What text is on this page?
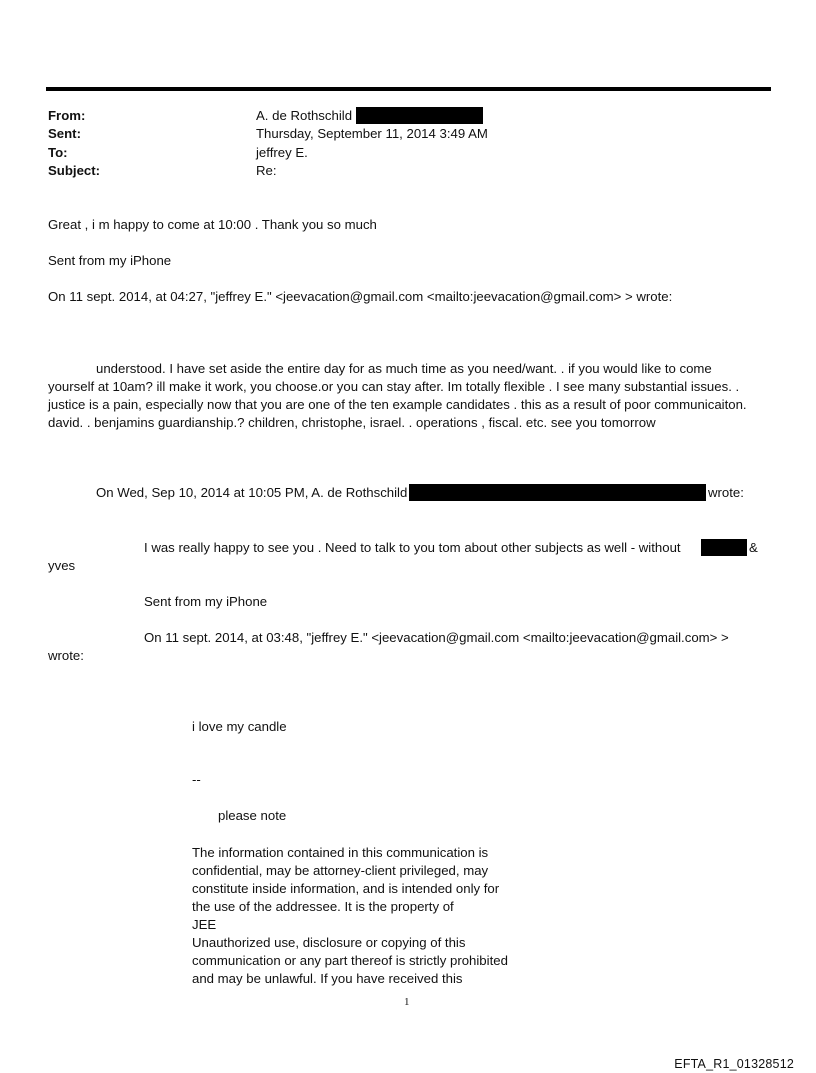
From:	A. de Rothschild
Sent:	Thursday, September 11, 2014 3:49 AM
To:	jeffrey E.
Subject:	Re:
Great , i m happy to come at 10:00 . Thank you so much
Sent from my iPhone
On 11 sept. 2014, at 04:27, "jeffrey E." <jeevacation@gmail.com <mailto:jeevacation@gmail.com> > wrote:
understood. I have set aside the entire day for as much time as you need/want. . if you would like to come yourself at 10am? ill make it work, you choose.or you can stay after. Im totally flexible . I see many substantial issues. . justice is a pain, especially now that you are one of the ten example candidates . this as a result of poor communicaiton. david. . benjamins guardianship.? children, christophe, israel. . operations , fiscal. etc. see you tomorrow
On Wed, Sep 10, 2014 at 10:05 PM, A. de Rothschild	wrote:
I was really happy to see you . Need to talk to you tom about other subjects as well - without	&
yves
Sent from my iPhone
On 11 sept. 2014, at 03:48, "jeffrey E." <jeevacation@gmail.com <mailto:jeevacation@gmail.com> >
wrote:
i love my candle
--
please note
The information contained in this communication is
confidential, may be attorney-client privileged, may
constitute inside information, and is intended only for
the use of the addressee. It is the property of
JEE
Unauthorized use, disclosure or copying of this
communication or any part thereof is strictly prohibited
and may be unlawful. If you have received this
1
EFTA_R1_01328512
